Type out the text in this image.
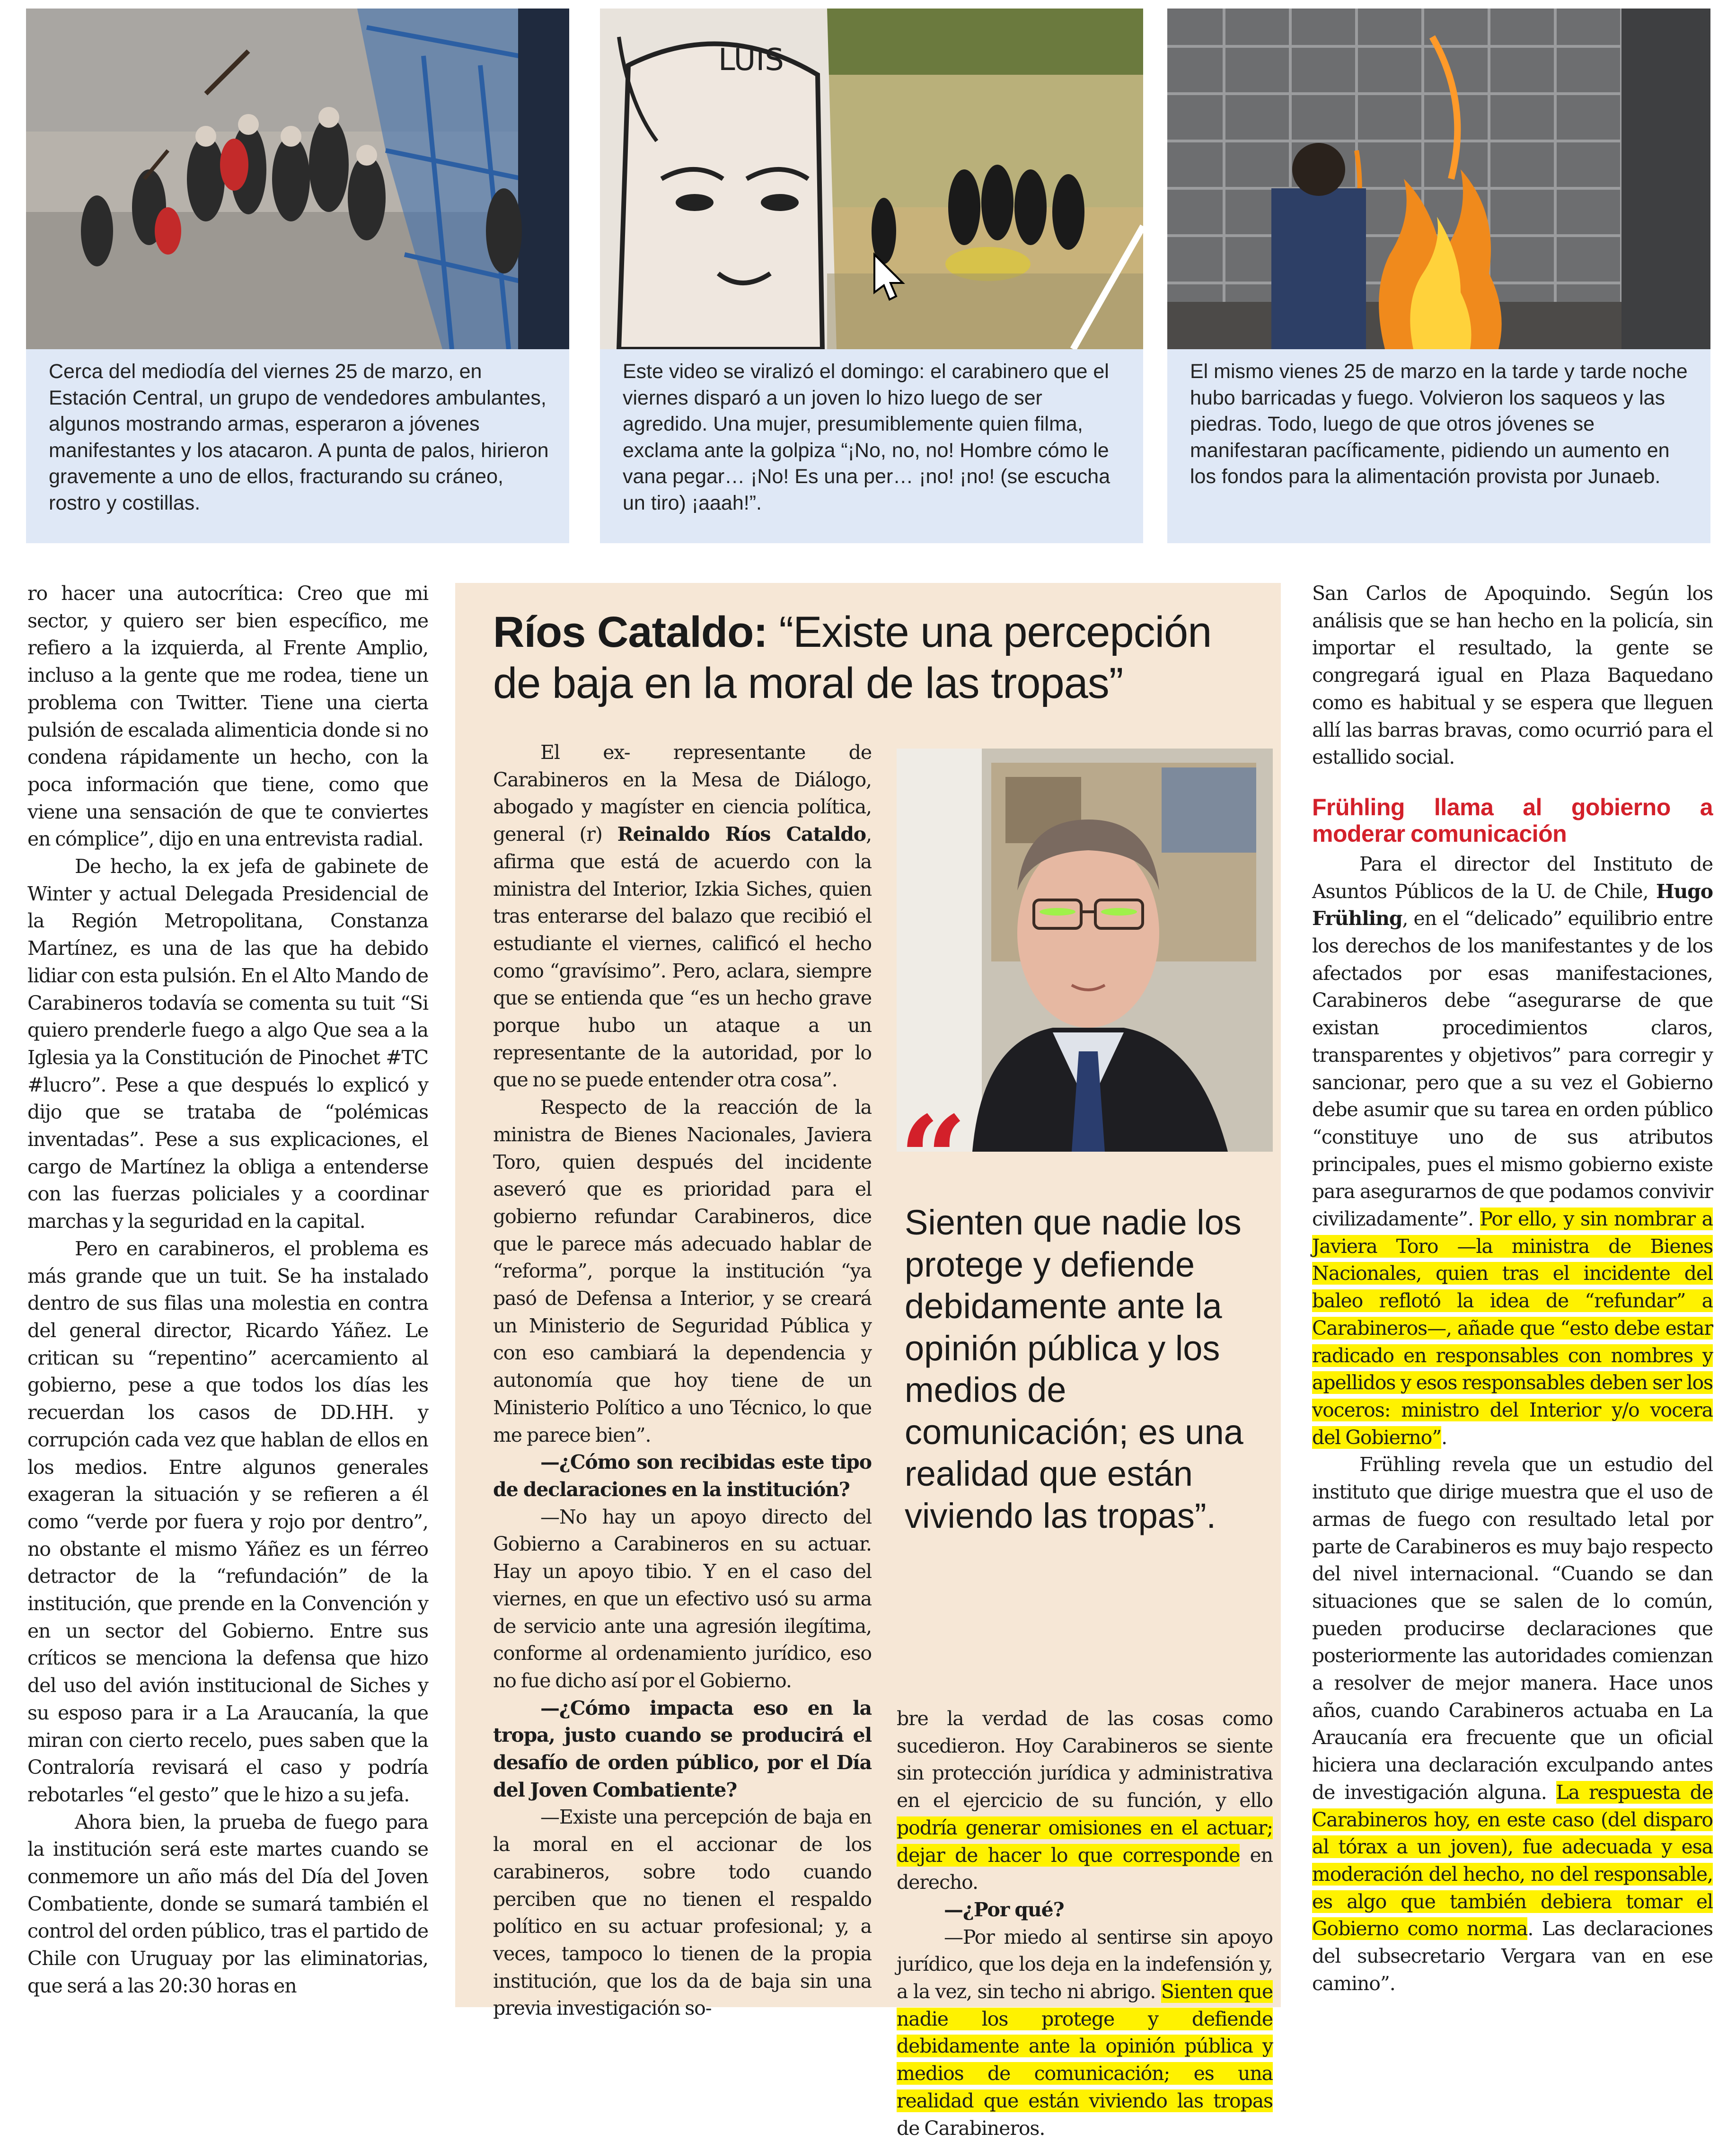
Cerca del mediodía del viernes 25 de marzo, en Estación Central, un grupo de vendedores ambulantes, algunos mostrando armas, esperaron a jóvenes manifestantes y los atacaron. A punta de palos, hirieron gravemente a uno de ellos, fracturando su cráneo, rostro y costillas.

LUIS

Este video se viralizó el domingo: el carabinero que el viernes disparó a un joven lo hizo luego de ser agredido. Una mujer, presumiblemente quien filma, exclama ante la golpiza “¡No, no, no! Hombre cómo le vana pegar… ¡No! Es una per… ¡no! ¡no! (se escucha un tiro) ¡aaah!”.

El mismo vienes 25 de marzo en la tarde y tarde noche hubo barricadas y fuego. Volvieron los saqueos y las piedras. Todo, luego de que otros jóvenes se manifestaran pacíficamente, pidiendo un aumento en los fondos para la alimentación provista por Junaeb.

ro hacer una autocrítica: Creo que mi sector, y quiero ser bien específico, me refiero a la izquierda, al Frente Amplio, incluso a la gente que me rodea, tiene un problema con Twitter. Tiene una cierta pulsión de escalada alimenticia donde si no condena rápidamente un hecho, con la poca información que tiene, como que viene una sensación de que te conviertes en cómplice”, dijo en una entrevista radial.

De hecho, la ex jefa de gabinete de Winter y actual Delegada Presidencial de la Región Metropolitana, Constanza Martínez, es una de las que ha debido lidiar con esta pulsión. En el Alto Mando de Carabineros todavía se comenta su tuit “Si quiero prenderle fuego a algo Que sea a la Iglesia ya la Constitución de Pinochet #TC #lucro”. Pese a que después lo explicó y dijo que se trataba de “polémicas inventadas”. Pese a sus explicaciones, el cargo de Martínez la obliga a entenderse con las fuerzas policiales y a coordinar marchas y la seguridad en la capital.

Pero en carabineros, el problema es más grande que un tuit. Se ha instalado dentro de sus filas una molestia en contra del general director, Ricardo Yáñez. Le critican su “repentino” acercamiento al gobierno, pese a que todos los días les recuerdan los casos de DD.HH. y corrupción cada vez que hablan de ellos en los medios. Entre algunos generales exageran la situación y se refieren a él como “verde por fuera y rojo por dentro”, no obstante el mismo Yáñez es un férreo detractor de la “refundación” de la institución, que prende en la Convención y en un sector del Gobierno. Entre sus críticos se menciona la defensa que hizo del uso del avión institucional de Siches y su esposo para ir a La Araucanía, la que miran con cierto recelo, pues saben que la Contraloría revisará el caso y podría rebotarles “el gesto” que le hizo a su jefa.

Ahora bien, la prueba de fuego para la institución será este martes cuando se conmemore un año más del Día del Joven Combatiente, donde se sumará también el control del orden público, tras el partido de Chile con Uruguay por las eliminatorias, que será a las 20:30 horas en

Ríos Cataldo: “Existe una percepción de baja en la moral de las tropas”

El ex- representante de Carabineros en la Mesa de Diálogo, abogado y magíster en ciencia política, general (r) Reinaldo Ríos Cataldo, afirma que está de acuerdo con la ministra del Interior, Izkia Siches, quien tras enterarse del balazo que recibió el estudiante el viernes, calificó el hecho como “gravísimo”. Pero, aclara, siempre que se entienda que “es un hecho grave porque hubo un ataque a un representante de la autoridad, por lo que no se puede entender otra cosa”.

Respecto de la reacción de la ministra de Bienes Nacionales, Javiera Toro, quien después del incidente aseveró que es prioridad para el gobierno refundar Carabineros, dice que le parece más adecuado hablar de “reforma”, porque la institución “ya pasó de Defensa a Interior, y se creará un Ministerio de Seguridad Pública y con eso cambiará la dependencia y autonomía que hoy tiene de un Ministerio Político a uno Técnico, lo que me parece bien”.

—¿Cómo son recibidas este tipo de declaraciones en la institución?

—No hay un apoyo directo del Gobierno a Carabineros en su actuar. Hay un apoyo tibio. Y en el caso del viernes, en que un efectivo usó su arma de servicio ante una agresión ilegítima, conforme al ordenamiento jurídico, eso no fue dicho así por el Gobierno.

—¿Cómo impacta eso en la tropa, justo cuando se producirá el desafío de orden público, por el Día del Joven Combatiente?

—Existe una percepción de baja en la moral en el accionar de los carabineros, sobre todo cuando perciben que no tienen el respaldo político en su actuar profesional; y, a veces, tampoco lo tienen de la propia institución, que los da de baja sin una previa investigación so-

bre la verdad de las cosas como sucedieron. Hoy Carabineros se siente sin protección jurídica y administrativa en el ejercicio de su función, y ello podría generar omisiones en el actuar; dejar de hacer lo que corresponde en derecho.

—¿Por qué?

—Por miedo al sentirse sin apoyo jurídico, que los deja en la indefensión y, a la vez, sin techo ni abrigo. Sienten que nadie los protege y defiende debidamente ante la opinión pública y medios de comunicación; es una realidad que están viviendo las tropas de Carabineros.

“
Sienten que nadie los protege y defiende debidamente ante la opinión pública y los medios de comunicación; es una realidad que están viviendo las tropas”.

San Carlos de Apoquindo. Según los análisis que se han hecho en la policía, sin importar el resultado, la gente se congregará igual en Plaza Baquedano como es habitual y se espera que lleguen allí las barras bravas, como ocurrió para el estallido social.

Frühling llama al gobierno a moderar comunicación

Para el director del Instituto de Asuntos Públicos de la U. de Chile, Hugo Frühling, en el “delicado” equilibrio entre los derechos de los manifestantes y de los afectados por esas manifestaciones, Carabineros debe “asegurarse de que existan procedimientos claros, transparentes y objetivos” para corregir y sancionar, pero que a su vez el Gobierno debe asumir que su tarea en orden público “constituye uno de sus atributos principales, pues el mismo gobierno existe para asegurarnos de que podamos convivir civilizadamente”. Por ello, y sin nombrar a Javiera Toro —la ministra de Bienes Nacionales, quien tras el incidente del baleo reflotó la idea de “refundar” a Carabineros—, añade que “esto debe estar radicado en responsables con nombres y apellidos y esos responsables deben ser los voceros: ministro del Interior y/o vocera del Gobierno”.

Frühling revela que un estudio del instituto que dirige muestra que el uso de armas de fuego con resultado letal por parte de Carabineros es muy bajo respecto del nivel internacional. “Cuando se dan situaciones que se salen de lo común, pueden producirse declaraciones que posteriormente las autoridades comienzan a resolver de mejor manera. Hace unos años, cuando Carabineros actuaba en La Araucanía era frecuente que un oficial hiciera una declaración exculpando antes de investigación alguna. La respuesta de Carabineros hoy, en este caso (del disparo al tórax a un joven), fue adecuada y esa moderación del hecho, no del responsable, es algo que también debiera tomar el Gobierno como norma. Las declaraciones del subsecretario Vergara van en ese camino”.
